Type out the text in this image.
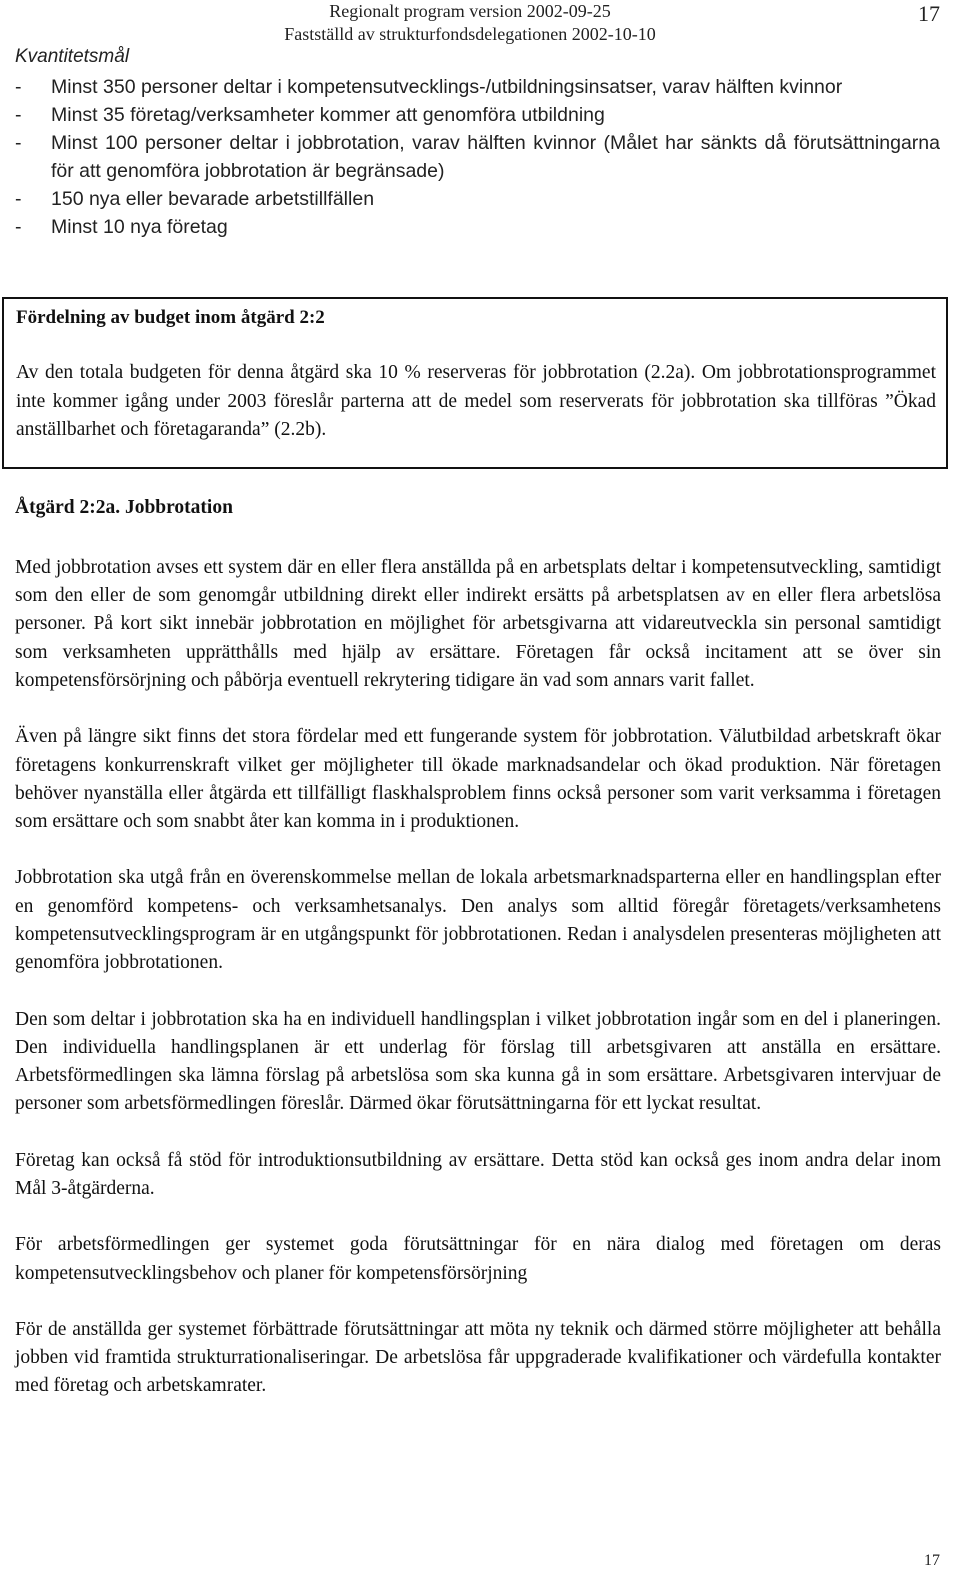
Regionalt program version 2002-09-25
Fastställd av strukturfondsdelegationen 2002-10-10
17
Kvantitetsmål
- Minst 350 personer deltar i kompetensutvecklings-/utbildningsinsatser, varav hälften kvinnor
- Minst 35 företag/verksamheter kommer att genomföra utbildning
- Minst 100 personer deltar i jobbrotation, varav hälften kvinnor (Målet har sänkts då förutsättningarna för att genomföra jobbrotation är begränsade)
- 150 nya eller bevarade arbetstillfällen
- Minst 10 nya företag
Fördelning av budget inom åtgärd 2:2

Av den totala budgeten för denna åtgärd ska 10 % reserveras för jobbrotation (2.2a). Om jobbrotationsprogrammet inte kommer igång under 2003 föreslår parterna att de medel som reserverats för jobbrotation ska tillföras ”Ökad anställbarhet och företagaranda” (2.2b).

Åtgärd 2:2a. Jobbrotation

Med jobbrotation avses ett system där en eller flera anställda på en arbetsplats deltar i kompetensutveckling, samtidigt som den eller de som genomgår utbildning direkt eller indirekt ersätts på arbetsplatsen av en eller flera arbetslösa personer. På kort sikt innebär jobbrotation en möjlighet för arbetsgivarna att vidareutveckla sin personal samtidigt som verksamheten upprätthålls med hjälp av ersättare. Företagen får också incitament att se över sin kompetensförsörjning och påbörja eventuell rekrytering tidigare än vad som annars varit fallet.

Även på längre sikt finns det stora fördelar med ett fungerande system för jobbrotation. Välutbildad arbetskraft ökar företagens konkurrenskraft vilket ger möjligheter till ökade marknadsandelar och ökad produktion. När företagen behöver nyanställa eller åtgärda ett tillfälligt flaskhalsproblem finns också personer som varit verksamma i företagen som ersättare och som snabbt åter kan komma in i produktionen.

Jobbrotation ska utgå från en överenskommelse mellan de lokala arbetsmarknadsparterna eller en handlingsplan efter en genomförd kompetens- och verksamhetsanalys. Den analys som alltid föregår företagets/verksamhetens kompetensutvecklingsprogram är en utgångspunkt för jobbrotationen. Redan i analysdelen presenteras möjligheten att genomföra jobbrotationen.

Den som deltar i jobbrotation ska ha en individuell handlingsplan i vilket jobbrotation ingår som en del i planeringen. Den individuella handlingsplanen är ett underlag för förslag till arbetsgivaren att anställa en ersättare. Arbetsförmedlingen ska lämna förslag på arbetslösa som ska kunna gå in som ersättare. Arbetsgivaren intervjuar de personer som arbetsförmedlingen föreslår. Därmed ökar förutsättningarna för ett lyckat resultat.

Företag kan också få stöd för introduktionsutbildning av ersättare. Detta stöd kan också ges inom andra delar inom Mål 3-åtgärderna.

För arbetsförmedlingen ger systemet goda förutsättningar för en nära dialog med företagen om deras kompetensutvecklingsbehov och planer för kompetensförsörjning

För de anställda ger systemet förbättrade förutsättningar att möta ny teknik och därmed större möjligheter att behålla jobben vid framtida strukturrationaliseringar. De arbetslösa får uppgraderade kvalifikationer och värdefulla kontakter med företag och arbetskamrater.

17
